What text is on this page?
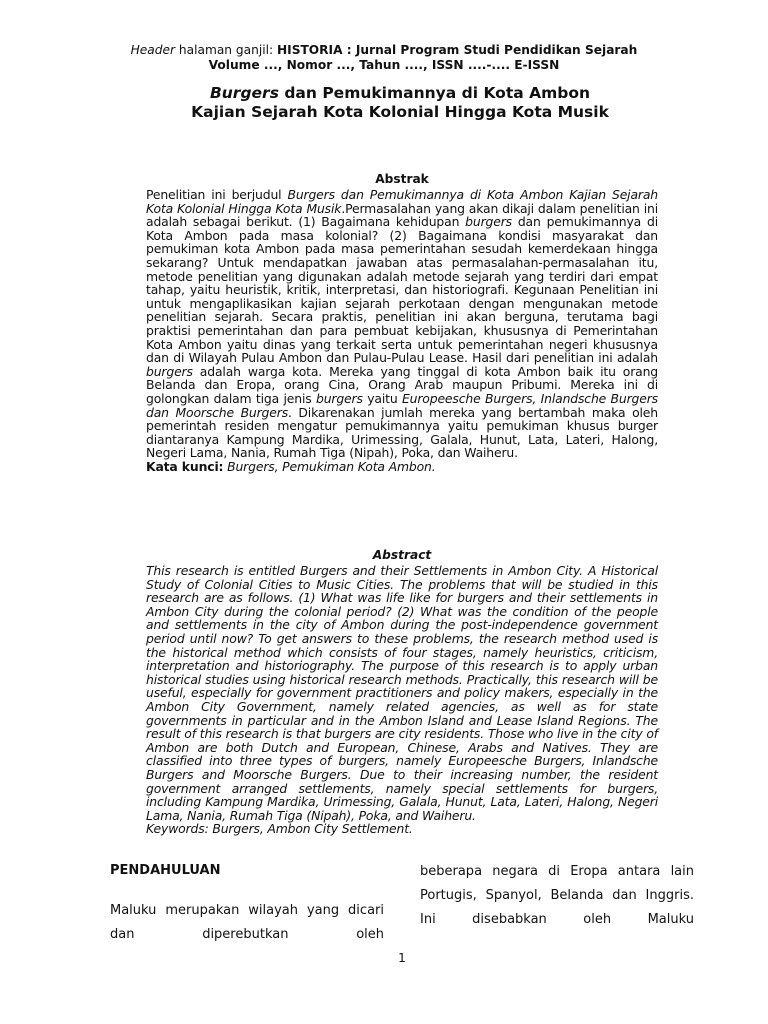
Header halaman ganjil: HISTORIA : Jurnal Program Studi Pendidikan Sejarah
Volume ..., Nomor ..., Tahun ...., ISSN ....-.... E-ISSN
Burgers dan Pemukimannya di Kota Ambon
Kajian Sejarah Kota Kolonial Hingga Kota Musik
Abstrak
Penelitian ini berjudul Burgers dan Pemukimannya di Kota Ambon Kajian Sejarah Kota Kolonial Hingga Kota Musik.Permasalahan yang akan dikaji dalam penelitian ini adalah sebagai berikut. (1) Bagaimana kehidupan burgers dan pemukimannya di Kota Ambon pada masa kolonial? (2) Bagaimana kondisi masyarakat dan pemukiman kota Ambon pada masa pemerintahan sesudah kemerdekaan hingga sekarang? Untuk mendapatkan jawaban atas permasalahan-permasalahan itu, metode penelitian yang digunakan adalah metode sejarah yang terdiri dari empat tahap, yaitu heuristik, kritik, interpretasi, dan historiografi. Kegunaan Penelitian ini untuk mengaplikasikan kajian sejarah perkotaan dengan mengunakan metode penelitian sejarah. Secara praktis, penelitian ini akan berguna, terutama bagi praktisi pemerintahan dan para pembuat kebijakan, khususnya di Pemerintahan Kota Ambon yaitu dinas yang terkait serta untuk pemerintahan negeri khususnya dan di Wilayah Pulau Ambon dan Pulau-Pulau Lease. Hasil dari penelitian ini adalah burgers adalah warga kota. Mereka yang tinggal di kota Ambon baik itu orang Belanda dan Eropa, orang Cina, Orang Arab maupun Pribumi. Mereka ini di golongkan dalam tiga jenis burgers yaitu Europeesche Burgers, Inlandsche Burgers dan Moorsche Burgers. Dikarenakan jumlah mereka yang bertambah maka oleh pemerintah residen mengatur pemukimannya yaitu pemukiman khusus burger diantaranya Kampung Mardika, Urimessing, Galala, Hunut, Lata, Lateri, Halong, Negeri Lama, Nania, Rumah Tiga (Nipah), Poka, dan Waiheru.
Kata kunci: Burgers, Pemukiman Kota Ambon.
Abstract
This research is entitled Burgers and their Settlements in Ambon City. A Historical Study of Colonial Cities to Music Cities. The problems that will be studied in this research are as follows. (1) What was life like for burgers and their settlements in Ambon City during the colonial period? (2) What was the condition of the people and settlements in the city of Ambon during the post-independence government period until now? To get answers to these problems, the research method used is the historical method which consists of four stages, namely heuristics, criticism, interpretation and historiography. The purpose of this research is to apply urban historical studies using historical research methods. Practically, this research will be useful, especially for government practitioners and policy makers, especially in the Ambon City Government, namely related agencies, as well as for state governments in particular and in the Ambon Island and Lease Island Regions. The result of this research is that burgers are city residents. Those who live in the city of Ambon are both Dutch and European, Chinese, Arabs and Natives. They are classified into three types of burgers, namely Europeesche Burgers, Inlandsche Burgers and Moorsche Burgers. Due to their increasing number, the resident government arranged settlements, namely special settlements for burgers, including Kampung Mardika, Urimessing, Galala, Hunut, Lata, Lateri, Halong, Negeri Lama, Nania, Rumah Tiga (Nipah), Poka, and Waiheru.
Keywords: Burgers, Ambon City Settlement.
PENDAHULUAN
Maluku merupakan wilayah yang dicari dan diperebutkan oleh
beberapa negara di Eropa antara lain Portugis, Spanyol, Belanda dan Inggris. Ini disebabkan oleh Maluku
1
